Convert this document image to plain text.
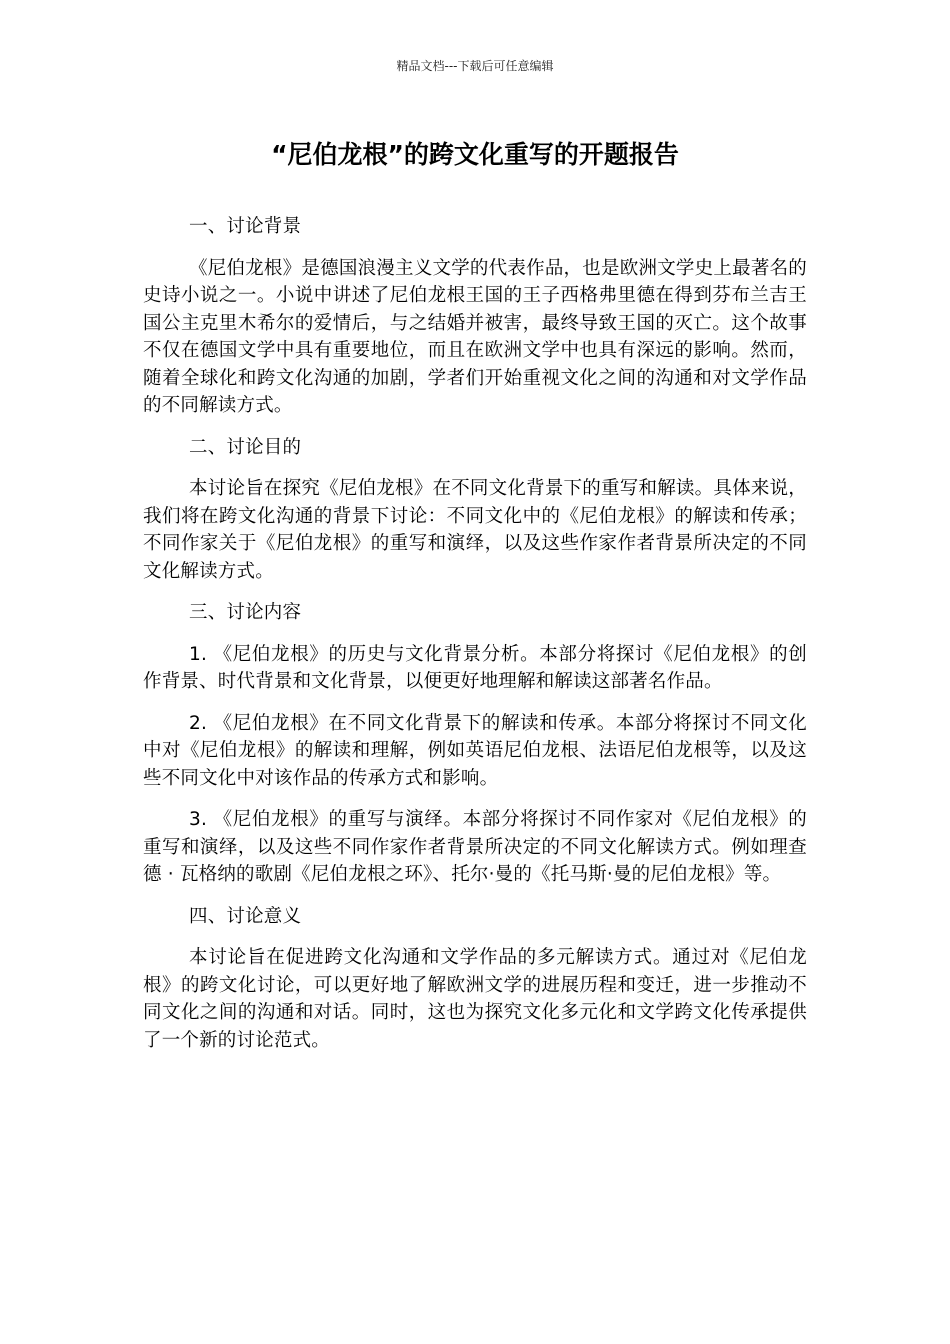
精品文档---下载后可任意编辑
“尼伯龙根”的跨文化重写的开题报告

一、讨论背景

《尼伯龙根》是德国浪漫主义文学的代表作品，也是欧洲文学史上最著名的史诗小说之一。小说中讲述了尼伯龙根王国的王子西格弗里德在得到芬布兰吉王国公主克里木希尔的爱情后，与之结婚并被害，最终导致王国的灭亡。这个故事不仅在德国文学中具有重要地位，而且在欧洲文学中也具有深远的影响。然而，随着全球化和跨文化沟通的加剧，学者们开始重视文化之间的沟通和对文学作品的不同解读方式。

二、讨论目的

本讨论旨在探究《尼伯龙根》在不同文化背景下的重写和解读。具体来说，我们将在跨文化沟通的背景下讨论：不同文化中的《尼伯龙根》的解读和传承；不同作家关于《尼伯龙根》的重写和演绎，以及这些作家作者背景所决定的不同文化解读方式。

三、讨论内容

1. 《尼伯龙根》的历史与文化背景分析。本部分将探讨《尼伯龙根》的创作背景、时代背景和文化背景，以便更好地理解和解读这部著名作品。

2. 《尼伯龙根》在不同文化背景下的解读和传承。本部分将探讨不同文化中对《尼伯龙根》的解读和理解，例如英语尼伯龙根、法语尼伯龙根等，以及这些不同文化中对该作品的传承方式和影响。

3. 《尼伯龙根》的重写与演绎。本部分将探讨不同作家对《尼伯龙根》的重写和演绎，以及这些不同作家作者背景所决定的不同文化解读方式。例如理查德 · 瓦格纳的歌剧《尼伯龙根之环》、托尔·曼的《托马斯·曼的尼伯龙根》等。

四、讨论意义

本讨论旨在促进跨文化沟通和文学作品的多元解读方式。通过对《尼伯龙根》的跨文化讨论，可以更好地了解欧洲文学的进展历程和变迁，进一步推动不同文化之间的沟通和对话。同时，这也为探究文化多元化和文学跨文化传承提供了一个新的讨论范式。
